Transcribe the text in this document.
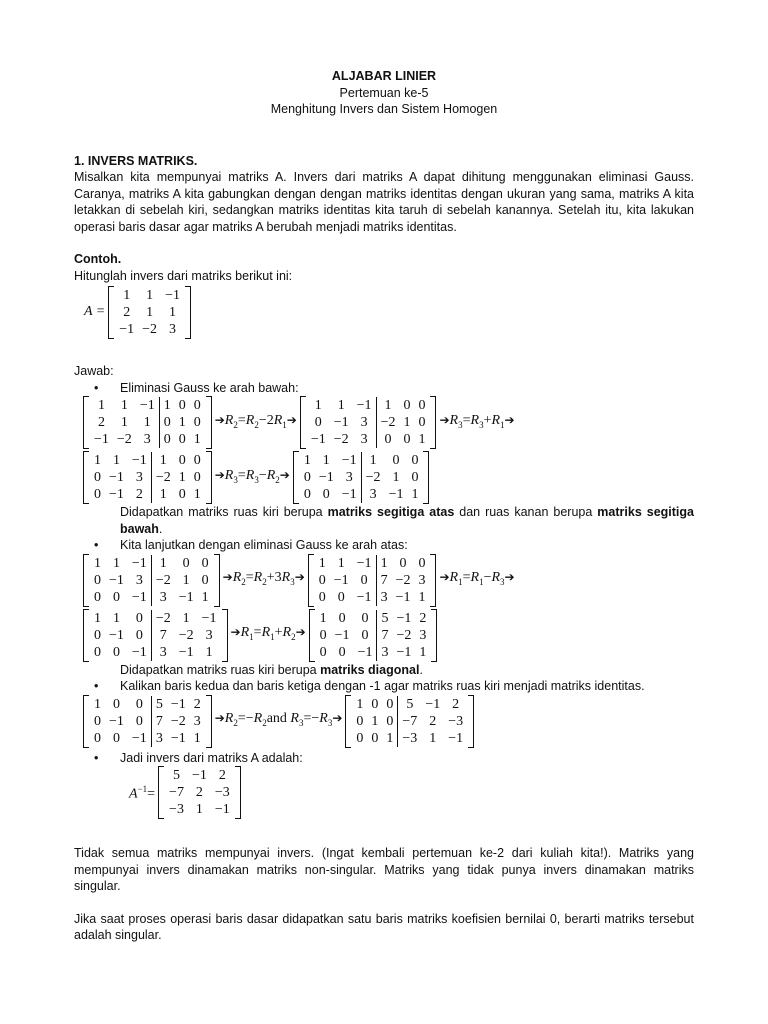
ALJABAR LINIER
Pertemuan ke-5
Menghitung Invers dan Sistem Homogen
1. INVERS MATRIKS.

Misalkan kita mempunyai matriks A. Invers dari matriks A dapat dihitung menggunakan eliminasi Gauss. Caranya, matriks A kita gabungkan dengan dengan matriks identitas dengan ukuran yang sama, matriks A kita letakkan di sebelah kiri, sedangkan matriks identitas kita taruh di sebelah kanannya. Setelah itu, kita lakukan operasi baris dasar agar matriks A berubah menjadi matriks identitas.

Contoh.

Hitunglah invers dari matriks berikut ini:

A =
1	1	−1
2	1	1
−1	−2	3
Jawab:
• Eliminasi Gauss ke arah bawah:
1	1	−1	1	0	0
2	1	1	0	1	0
−1	−2	3	0	0	1
$➔R_2=R_2-2R_1➔$
1	1	−1	1	0	0
0	−1	3	−2	1	0
−1	−2	3	0	0	1
$➔R_3=R_3+R_1➔$
1	1	−1	1	0	0
0	−1	3	−2	1	0
0	−1	2	1	0	1
$➔R_3=R_3-R_2➔$
1	1	−1	1	0	0
0	−1	3	−2	1	0
0	0	−1	3	−1	1

Didapatkan matriks ruas kiri berupa matriks segitiga atas dan ruas kanan berupa matriks segitiga bawah.

• Kita lanjutkan dengan eliminasi Gauss ke arah atas:
1	1	−1	1	0	0
0	−1	3	−2	1	0
0	0	−1	3	−1	1
$➔R_2=R_2+3R_3➔$
1	1	−1	1	0	0
0	−1	0	7	−2	3
0	0	−1	3	−1	1
$➔R_1=R_1-R_3➔$
1	1	0	−2	1	−1
0	−1	0	7	−2	3
0	0	−1	3	−1	1
$➔R_1=R_1+R_2➔$
1	0	0	5	−1	2
0	−1	0	7	−2	3
0	0	−1	3	−1	1

Didapatkan matriks ruas kiri berupa matriks diagonal.

• Kalikan baris kedua dan baris ketiga dengan -1 agar matriks ruas kiri menjadi matriks identitas.
1	0	0	5	−1	2
0	−1	0	7	−2	3
0	0	−1	3	−1	1
$➔R_2=-R_2and$ $R_3=-R_3➔$
1	0	0	5	−1	2
0	1	0	−7	2	−3
0	0	1	−3	1	−1
• Jadi invers dari matriks A adalah:
$A^{-1}=$
5	−1	2
−7	2	−3
−3	1	−1

Tidak semua matriks mempunyai invers. (Ingat kembali pertemuan ke-2 dari kuliah kita!). Matriks yang mempunyai invers dinamakan matriks non-singular. Matriks yang tidak punya invers dinamakan matriks singular.

Jika saat proses operasi baris dasar didapatkan satu baris matriks koefisien bernilai 0, berarti matriks tersebut adalah singular.
